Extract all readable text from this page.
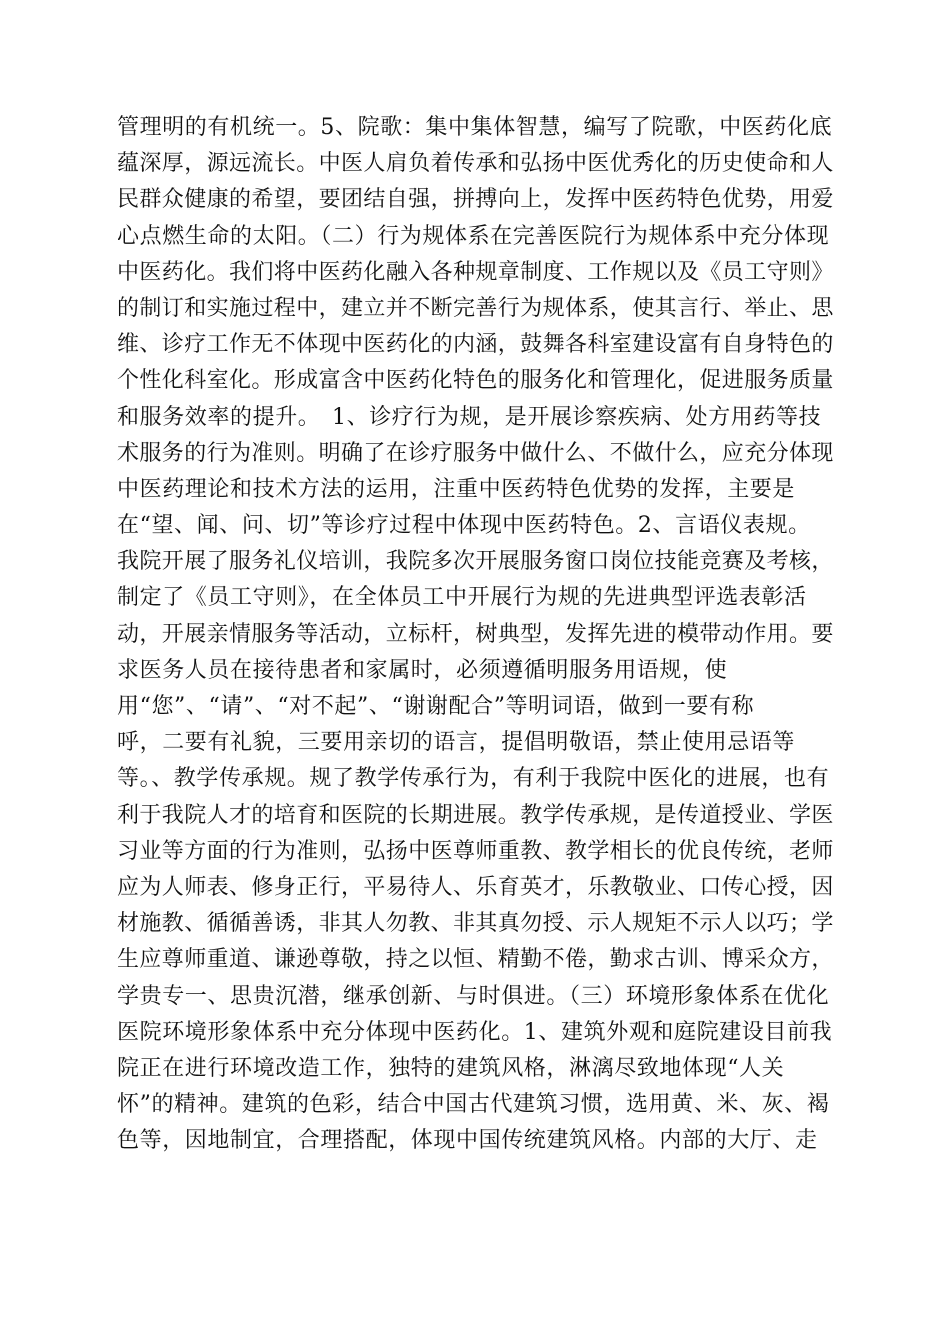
管理明的有机统一。5、院歌：集中集体智慧，编写了院歌，中医药化底
蕴深厚，源远流长。中医人肩负着传承和弘扬中医优秀化的历史使命和人
民群众健康的希望，要团结自强，拼搏向上，发挥中医药特色优势，用爱
心点燃生命的太阳。（二）行为规体系在完善医院行为规体系中充分体现
中医药化。我们将中医药化融入各种规章制度、工作规以及《员工守则》
的制订和实施过程中，建立并不断完善行为规体系，使其言行、举止、思
维、诊疗工作无不体现中医药化的内涵，鼓舞各科室建设富有自身特色的
个性化科室化。形成富含中医药化特色的服务化和管理化，促进服务质量
和服务效率的提升。　1、诊疗行为规，是开展诊察疾病、处方用药等技
术服务的行为准则。明确了在诊疗服务中做什么、不做什么，应充分体现
中医药理论和技术方法的运用，注重中医药特色优势的发挥，主要是
在“望、闻、问、切”等诊疗过程中体现中医药特色。2、言语仪表规。
我院开展了服务礼仪培训，我院多次开展服务窗口岗位技能竞赛及考核，
制定了《员工守则》，在全体员工中开展行为规的先进典型评选表彰活
动，开展亲情服务等活动，立标杆，树典型，发挥先进的模带动作用。要
求医务人员在接待患者和家属时，必须遵循明服务用语规，使
用“您”、“请”、“对不起”、“谢谢配合”等明词语，做到一要有称
呼，二要有礼貌，三要用亲切的语言，提倡明敬语，禁止使用忌语等
等。、教学传承规。规了教学传承行为，有利于我院中医化的进展，也有
利于我院人才的培育和医院的长期进展。教学传承规，是传道授业、学医
习业等方面的行为准则，弘扬中医尊师重教、教学相长的优良传统，老师
应为人师表、修身正行，平易待人、乐育英才，乐教敬业、口传心授，因
材施教、循循善诱，非其人勿教、非其真勿授、示人规矩不示人以巧；学
生应尊师重道、谦逊尊敬，持之以恒、精勤不倦，勤求古训、博采众方，
学贵专一、思贵沉潜，继承创新、与时俱进。（三）环境形象体系在优化
医院环境形象体系中充分体现中医药化。1、建筑外观和庭院建设目前我
院正在进行环境改造工作，独特的建筑风格，淋漓尽致地体现“人关
怀”的精神。建筑的色彩，结合中国古代建筑习惯，选用黄、米、灰、褐
色等，因地制宜，合理搭配，体现中国传统建筑风格。内部的大厅、走
